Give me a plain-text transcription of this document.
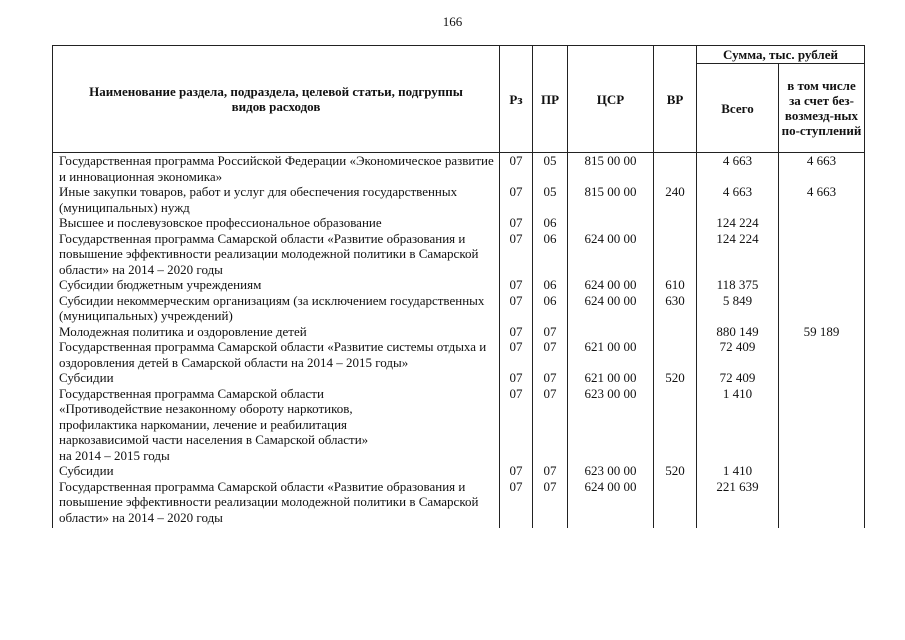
166
Наименование раздела, подраздела, целевой статьи, подгруппы видов расходов	Рз	ПР	ЦСР	ВР	Сумма, тыс. рублей	
					Всего	в том числе за счет без-возмезд-ных по-ступлений
Государственная программа Российской Федерации «Экономическое развитие и инновационная экономика»	07	05	815 00 00		4 663	4 663
Иные закупки товаров, работ и услуг для обеспечения государственных (муниципальных) нужд	07	05	815 00 00	240	4 663	4 663
Высшее и послевузовское профессиональное образование	07	06			124 224	
Государственная программа Самарской области «Развитие образования и повышение эффективности реализации молодежной политики в Самарской области» на 2014 – 2020 годы	07	06	624 00 00		124 224	
Субсидии бюджетным учреждениям	07	06	624 00 00	610	118 375	
Субсидии некоммерческим организациям (за исключением государственных (муниципальных) учреждений)	07	06	624 00 00	630	5 849	
Молодежная политика и оздоровление детей	07	07			880 149	59 189
Государственная программа Самарской области «Развитие системы отдыха и оздоровления детей в Самарской области на 2014 – 2015 годы»	07	07	621 00 00		72 409	
Субсидии	07	07	621 00 00	520	72 409	

Государственная программа Самарской области
«Противодействие незаконному обороту наркотиков,
профилактика наркомании, лечение и реабилитация
наркозависимой части населения в Самарской области»
на 2014 – 2015 годы	07	07	623 00 00		1 410	
Субсидии	07	07	623 00 00	520	1 410	
Государственная программа Самарской области «Развитие образования и повышение эффективности реализации молодежной политики в Самарской области» на 2014 – 2020 годы	07	07	624 00 00		221 639	
